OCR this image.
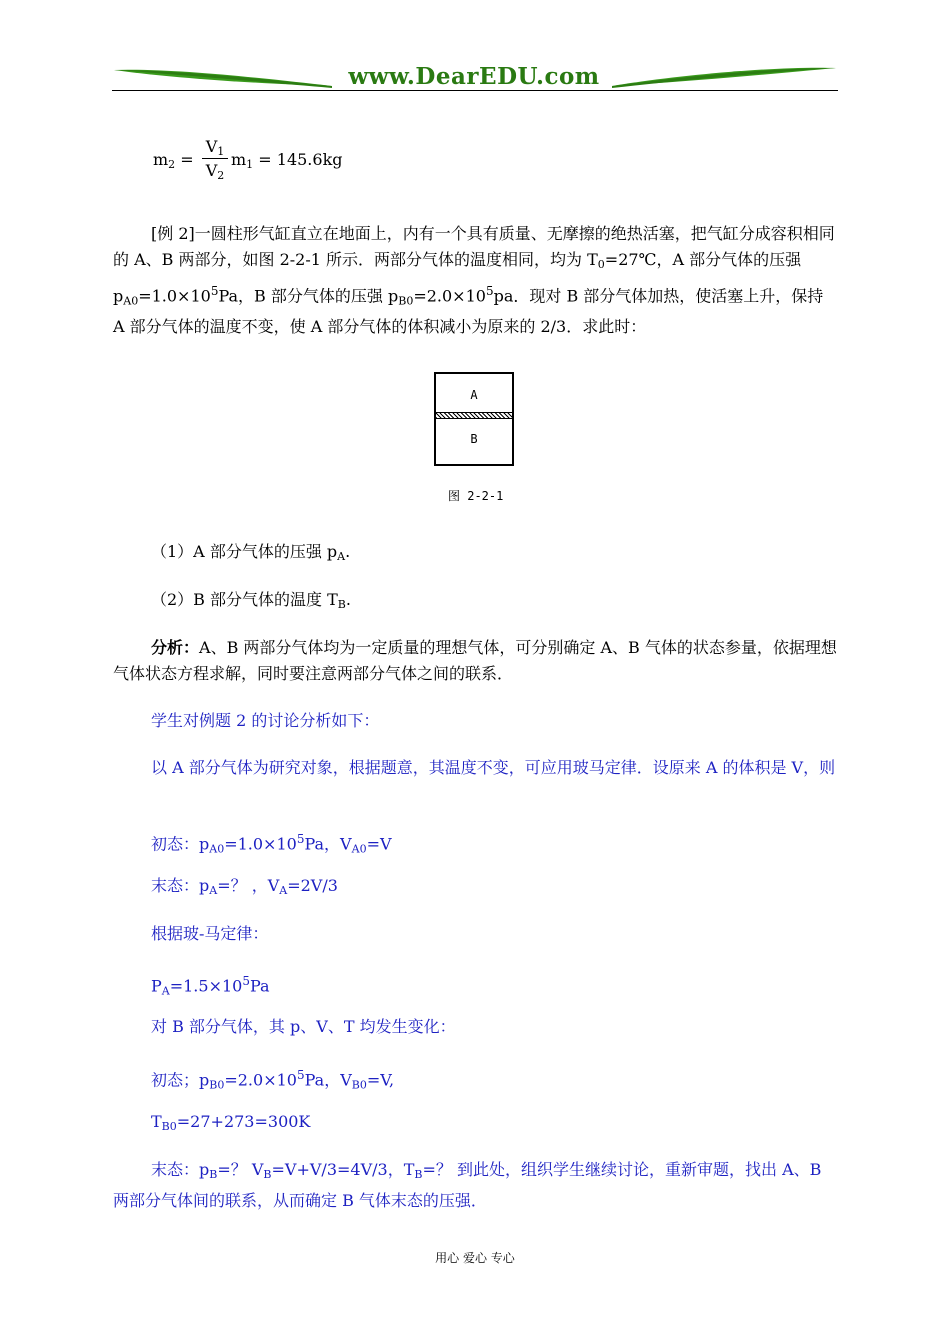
www.DearEDU.com
$m_2$ =
$V_1$
$V_2$
$m_1 = 145.6kg$

[例 2]一圆柱形气缸直立在地面上，内有一个具有质量、无摩擦的绝热活塞，把气缸分成容积相同的 A、B 两部分，如图 2-2-1 所示．两部分气体的温度相同，均为 $T_0=27℃$，A 部分气体的压强 $p_{A0}=1.0\times 10^5Pa$，B 部分气体的压强 $p_{B0}=2.0\times 10^5pa$．现对 B 部分气体加热，使活塞上升，保持 A 部分气体的温度不变，使 A 部分气体的体积减小为原来的 2/3．求此时：

A
B
图 2-2-1

（1）A 部分气体的压强 $p_A$.

（2）B 部分气体的温度 $T_B$.

分析：A、B 两部分气体均为一定质量的理想气体，可分别确定 A、B 气体的状态参量，依据理想气体状态方程求解，同时要注意两部分气体之间的联系．

学生对例题 2 的讨论分析如下：

以 A 部分气体为研究对象，根据题意，其温度不变，可应用玻马定律．设原来 A 的体积是 V，则

初态：$p_{A0}=1.0\times 10^5Pa$，$V_{A0}=V$

末态：$p_A=$？ ，$V_A=2V/3$

根据玻-马定律：

$P_A=1.5\times 10^5Pa$

对 B 部分气体，其 p、V、T 均发生变化：

初态；$p_{B0}=2.0\times 10^5Pa$，$V_{B0}=V$,

$T_{B0}=27+273=300K$

末态：$p_B=$？ $V_B=V+V/3=4V/3$，$T_B=$？ 到此处，组织学生继续讨论，重新审题，找出 A、B 两部分气体间的联系，从而确定 B 气体末态的压强．

用心 爱心 专心
